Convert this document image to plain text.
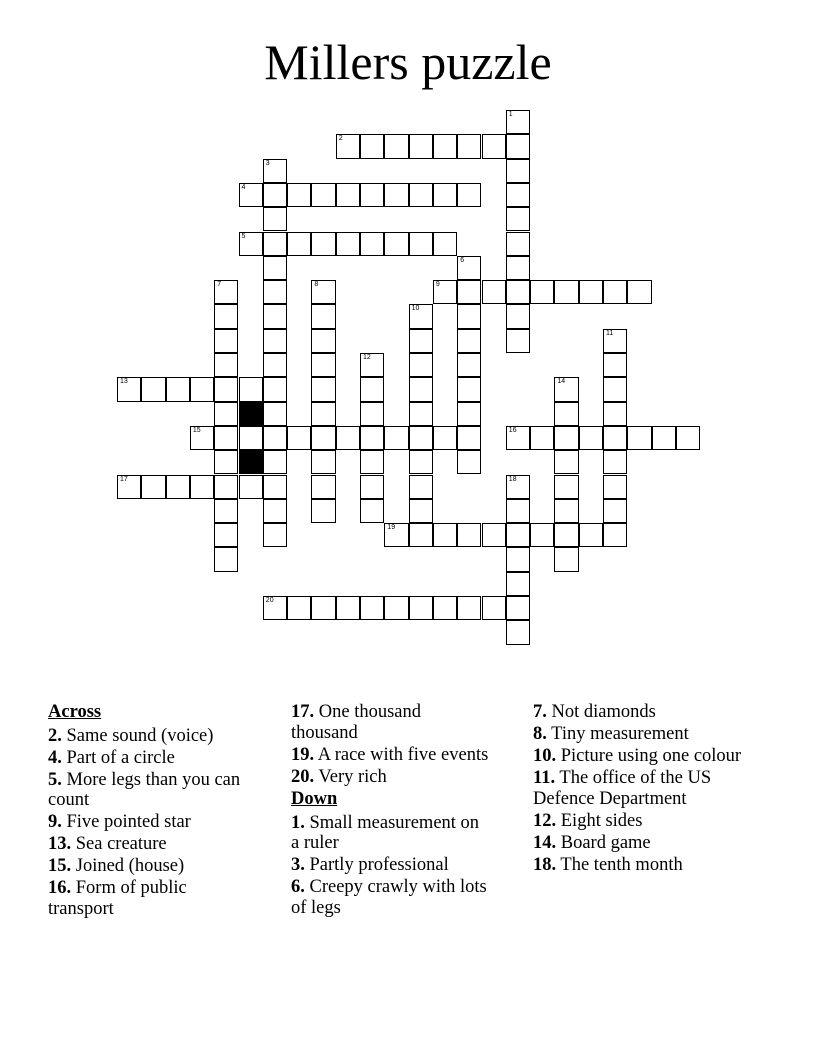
Millers puzzle
1
2
3
4
5
6
7	8	9
10
11
12
13	14
15	16
17	18
19
20

Across

2. Same sound (voice)

4. Part of a circle

5. More legs than you can count

9. Five pointed star

13. Sea creature

15. Joined (house)

16. Form of public transport

17. One thousand thousand

19. A race with five events

20. Very rich

Down

1. Small measurement on a ruler

3. Partly professional

6. Creepy crawly with lots of legs

7. Not diamonds

8. Tiny measurement

10. Picture using one colour

11. The office of the US Defence Department

12. Eight sides

14. Board game

18. The tenth month
